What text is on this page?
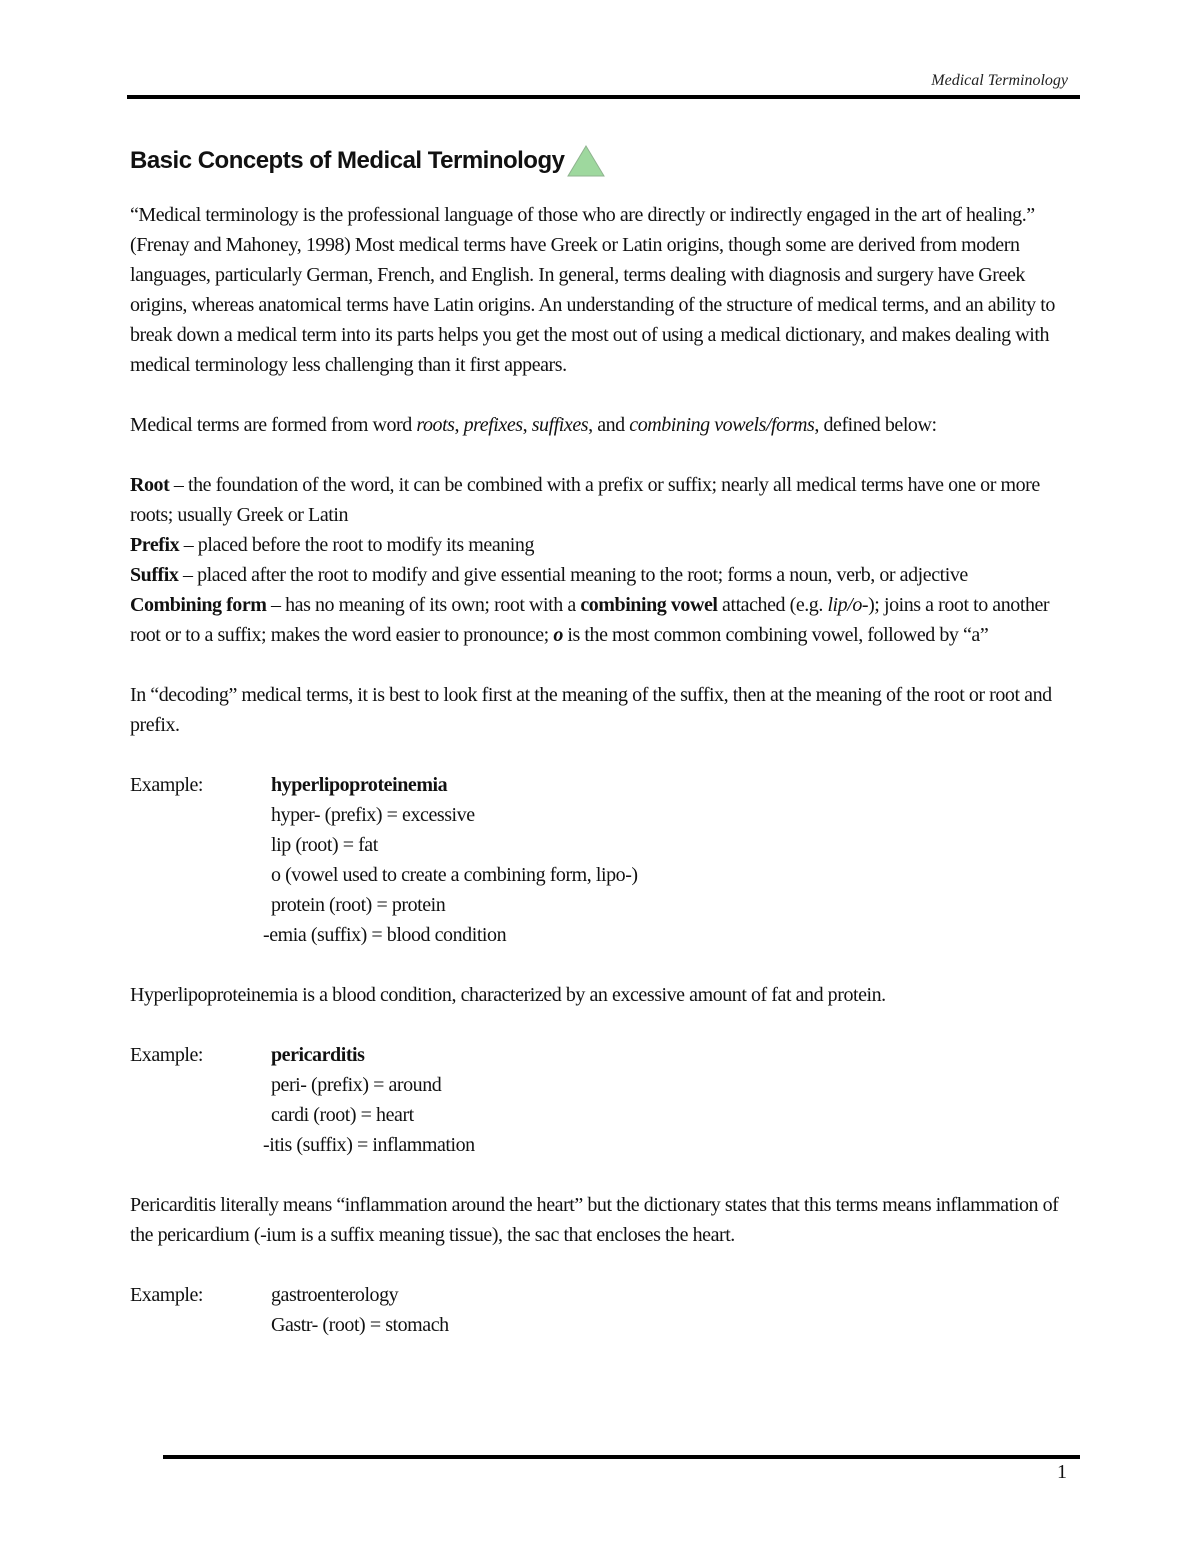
Medical Terminology
Basic Concepts of Medical Terminology

“Medical terminology is the professional language of those who are directly or indirectly engaged in the art of healing.” (Frenay and Mahoney, 1998) Most medical terms have Greek or Latin origins, though some are derived from modern languages, particularly German, French, and English. In general, terms dealing with diagnosis and surgery have Greek origins, whereas anatomical terms have Latin origins. An understanding of the structure of medical terms, and an ability to break down a medical term into its parts helps you get the most out of using a medical dictionary, and makes dealing with medical terminology less challenging than it first appears.

Medical terms are formed from word roots, prefixes, suffixes, and combining vowels/forms, defined below:

Root – the foundation of the word, it can be combined with a prefix or suffix; nearly all medical terms have one or more roots; usually Greek or Latin

Prefix – placed before the root to modify its meaning

Suffix – placed after the root to modify and give essential meaning to the root; forms a noun, verb, or adjective

Combining form – has no meaning of its own; root with a combining vowel attached (e.g. lip/o-); joins a root to another root or to a suffix; makes the word easier to pronounce; o is the most common combining vowel, followed by “a”

In “decoding” medical terms, it is best to look first at the meaning of the suffix, then at the meaning of the root or root and prefix.

Example:	hyperlipoproteinemia
hyper- (prefix) = excessive
lip (root) = fat
o (vowel used to create a combining form, lipo-)
protein (root) = protein
-emia (suffix) = blood condition

Hyperlipoproteinemia is a blood condition, characterized by an excessive amount of fat and protein.

Example:	pericarditis
peri- (prefix) = around
cardi (root) = heart
-itis (suffix) = inflammation

Pericarditis literally means “inflammation around the heart” but the dictionary states that this terms means inflammation of the pericardium (-ium is a suffix meaning tissue), the sac that encloses the heart.

Example:	gastroenterology
Gastr- (root) = stomach
1
